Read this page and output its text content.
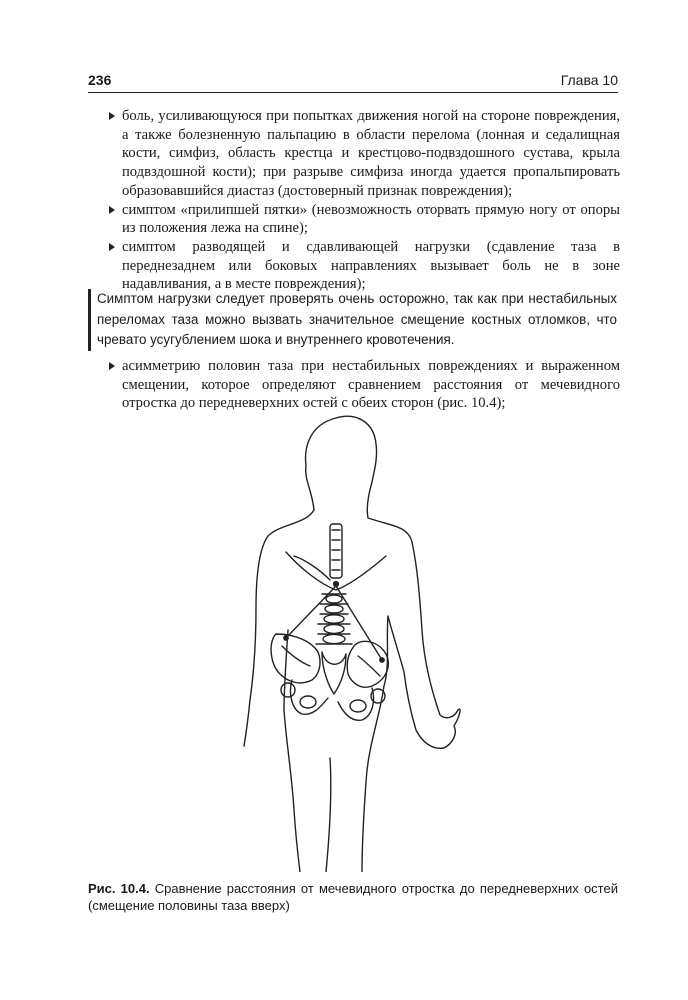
236	Глава 10
боль, усиливающуюся при попытках движения ногой на стороне повреждения, а также болезненную пальпацию в области перелома (лонная и седалищная кости, симфиз, область крестца и крестцово-подвздошного сустава, крыла подвздошной кости); при разрыве симфиза иногда удается пропальпировать образовавшийся диастаз (достоверный признак повреждения);
симптом «прилипшей пятки» (невозможность оторвать прямую ногу от опоры из положения лежа на спине);
симптом разводящей и сдавливающей нагрузки (сдавление таза в переднезаднем или боковых направлениях вызывает боль не в зоне надавливания, а в месте повреждения);
Симптом нагрузки следует проверять очень осторожно, так как при нестабильных переломах таза можно вызвать значительное смещение костных отломков, что чревато усугублением шока и внутреннего кровотечения.
асимметрию половин таза при нестабильных повреждениях и выраженном смещении, которое определяют сравнением расстояния от мечевидного отростка до передневерхних остей с обеих сторон (рис. 10.4);
Рис. 10.4. Сравнение расстояния от мечевидного отростка до передневерхних остей (смещение половины таза вверх)
